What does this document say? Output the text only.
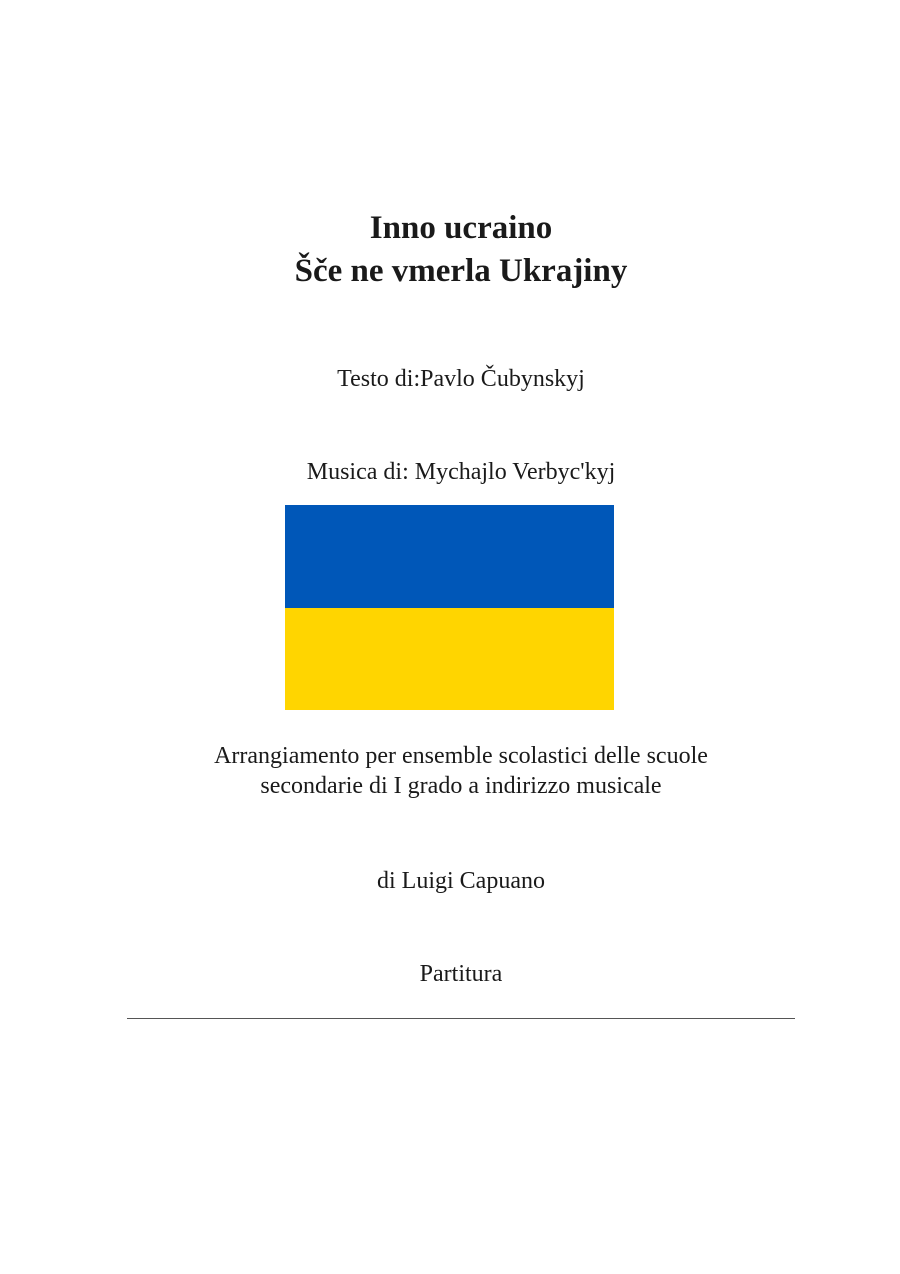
Inno ucraino
Šče ne vmerla Ukrajiny
Testo di:Pavlo Čubynskyj
Musica di: Mychajlo Verbyc'kyj
Arrangiamento per ensemble scolastici delle scuole
secondarie di I grado a indirizzo musicale
di Luigi Capuano
Partitura
